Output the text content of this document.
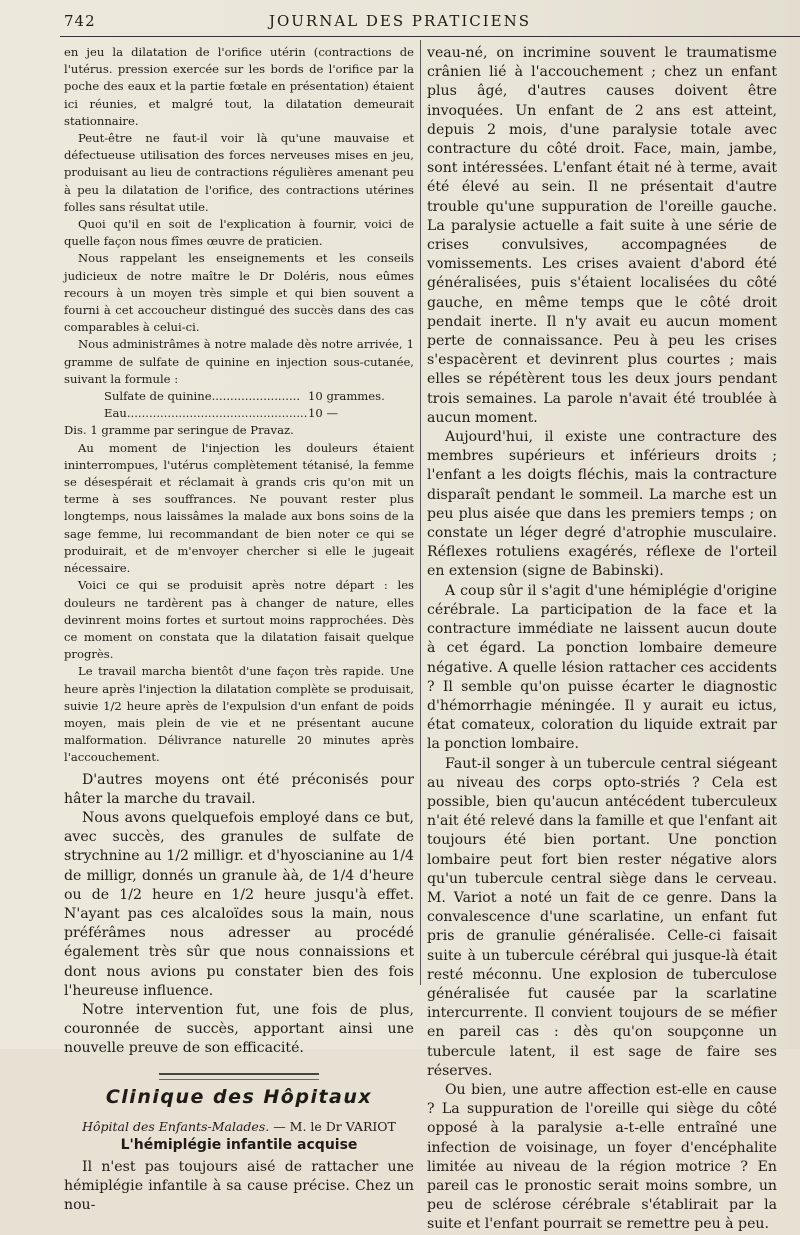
742	JOURNAL DES PRATICIENS

en jeu la dilatation de l'orifice utérin (contractions de l'utérus. pression exercée sur les bords de l'orifice par la poche des eaux et la partie fœtale en présentation) étaient ici réunies, et malgré tout, la dilatation demeurait stationnaire.

Peut-être ne faut-il voir là qu'une mauvaise et défectueuse utilisation des forces nerveuses mises en jeu, produisant au lieu de contractions régulières amenant peu à peu la dilatation de l'orifice, des contractions utérines folles sans résultat utile.

Quoi qu'il en soit de l'explication à fournir, voici de quelle façon nous fîmes œuvre de praticien.

Nous rappelant les enseignements et les conseils judicieux de notre maître le Dr Doléris, nous eûmes recours à un moyen très simple et qui bien souvent a fourni à cet accoucheur distingué des succès dans des cas comparables à celui-ci.

Nous administrâmes à notre malade dès notre arrivée, 1 gramme de sulfate de quinine en injection sous-cutanée, suivant la formule :

Sulfate de quinine........................ 10 grammes.
Eau................................................. 10 —

Dis. 1 gramme par seringue de Pravaz.

Au moment de l'injection les douleurs étaient ininterrompues, l'utérus complètement tétanisé, la femme se désespérait et réclamait à grands cris qu'on mit un terme à ses souffrances. Ne pouvant rester plus longtemps, nous laissâmes la malade aux bons soins de la sage femme, lui recommandant de bien noter ce qui se produirait, et de m'envoyer chercher si elle le jugeait nécessaire.

Voici ce qui se produisit après notre départ : les douleurs ne tardèrent pas à changer de nature, elles devinrent moins fortes et surtout moins rapprochées. Dès ce moment on constata que la dilatation faisait quelque progrès.

Le travail marcha bientôt d'une façon très rapide. Une heure après l'injection la dilatation complète se produisait, suivie 1/2 heure après de l'expulsion d'un enfant de poids moyen, mais plein de vie et ne présentant aucune malformation. Délivrance naturelle 20 minutes après l'accouchement.

D'autres moyens ont été préconisés pour hâter la marche du travail.

Nous avons quelquefois employé dans ce but, avec succès, des granules de sulfate de strychnine au 1/2 milligr. et d'hyoscianine au 1/4 de milligr, donnés un granule àà, de 1/4 d'heure ou de 1/2 heure en 1/2 heure jusqu'à effet. N'ayant pas ces alcaloïdes sous la main, nous préférâmes nous adresser au procédé également très sûr que nous connaissions et dont nous avions pu constater bien des fois l'heureuse influence.

Notre intervention fut, une fois de plus, couronnée de succès, apportant ainsi une nouvelle preuve de son efficacité.

Clinique des Hôpitaux
Hôpital des Enfants-Malades. — M. le Dr VARIOT
L'hémiplégie infantile acquise

Il n'est pas toujours aisé de rattacher une hémiplégie infantile à sa cause précise. Chez un nou-

veau-né, on incrimine souvent le traumatisme crânien lié à l'accouchement ; chez un enfant plus âgé, d'autres causes doivent être invoquées. Un enfant de 2 ans est atteint, depuis 2 mois, d'une paralysie totale avec contracture du côté droit. Face, main, jambe, sont intéressées. L'enfant était né à terme, avait été élevé au sein. Il ne présentait d'autre trouble qu'une suppuration de l'oreille gauche. La paralysie actuelle a fait suite à une série de crises convulsives, accompagnées de vomissements. Les crises avaient d'abord été généralisées, puis s'étaient localisées du côté gauche, en même temps que le côté droit pendait inerte. Il n'y avait eu aucun moment perte de connaissance. Peu à peu les crises s'espacèrent et devinrent plus courtes ; mais elles se répétèrent tous les deux jours pendant trois semaines. La parole n'avait été troublée à aucun moment.

Aujourd'hui, il existe une contracture des membres supérieurs et inférieurs droits ; l'enfant a les doigts fléchis, mais la contracture disparaît pendant le sommeil. La marche est un peu plus aisée que dans les premiers temps ; on constate un léger degré d'atrophie musculaire. Réflexes rotuliens exagérés, réflexe de l'orteil en extension (signe de Babinski).

A coup sûr il s'agit d'une hémiplégie d'origine cérébrale. La participation de la face et la contracture immédiate ne laissent aucun doute à cet égard. La ponction lombaire demeure négative. A quelle lésion rattacher ces accidents ? Il semble qu'on puisse écarter le diagnostic d'hémorrhagie méningée. Il y aurait eu ictus, état comateux, coloration du liquide extrait par la ponction lombaire.

Faut-il songer à un tubercule central siégeant au niveau des corps opto-striés ? Cela est possible, bien qu'aucun antécédent tuberculeux n'ait été relevé dans la famille et que l'enfant ait toujours été bien portant. Une ponction lombaire peut fort bien rester négative alors qu'un tubercule central siège dans le cerveau. M. Variot a noté un fait de ce genre. Dans la convalescence d'une scarlatine, un enfant fut pris de granulie généralisée. Celle-ci faisait suite à un tubercule cérébral qui jusque-là était resté méconnu. Une explosion de tuberculose généralisée fut causée par la scarlatine intercurrente. Il convient toujours de se méfier en pareil cas : dès qu'on soupçonne un tubercule latent, il est sage de faire ses réserves.

Ou bien, une autre affection est-elle en cause ? La suppuration de l'oreille qui siège du côté opposé à la paralysie a-t-elle entraîné une infection de voisinage, un foyer d'encéphalite limitée au niveau de la région motrice ? En pareil cas le pronostic serait moins sombre, un peu de sclérose cérébrale s'établirait par la suite et l'enfant pourrait se remettre peu à peu.
